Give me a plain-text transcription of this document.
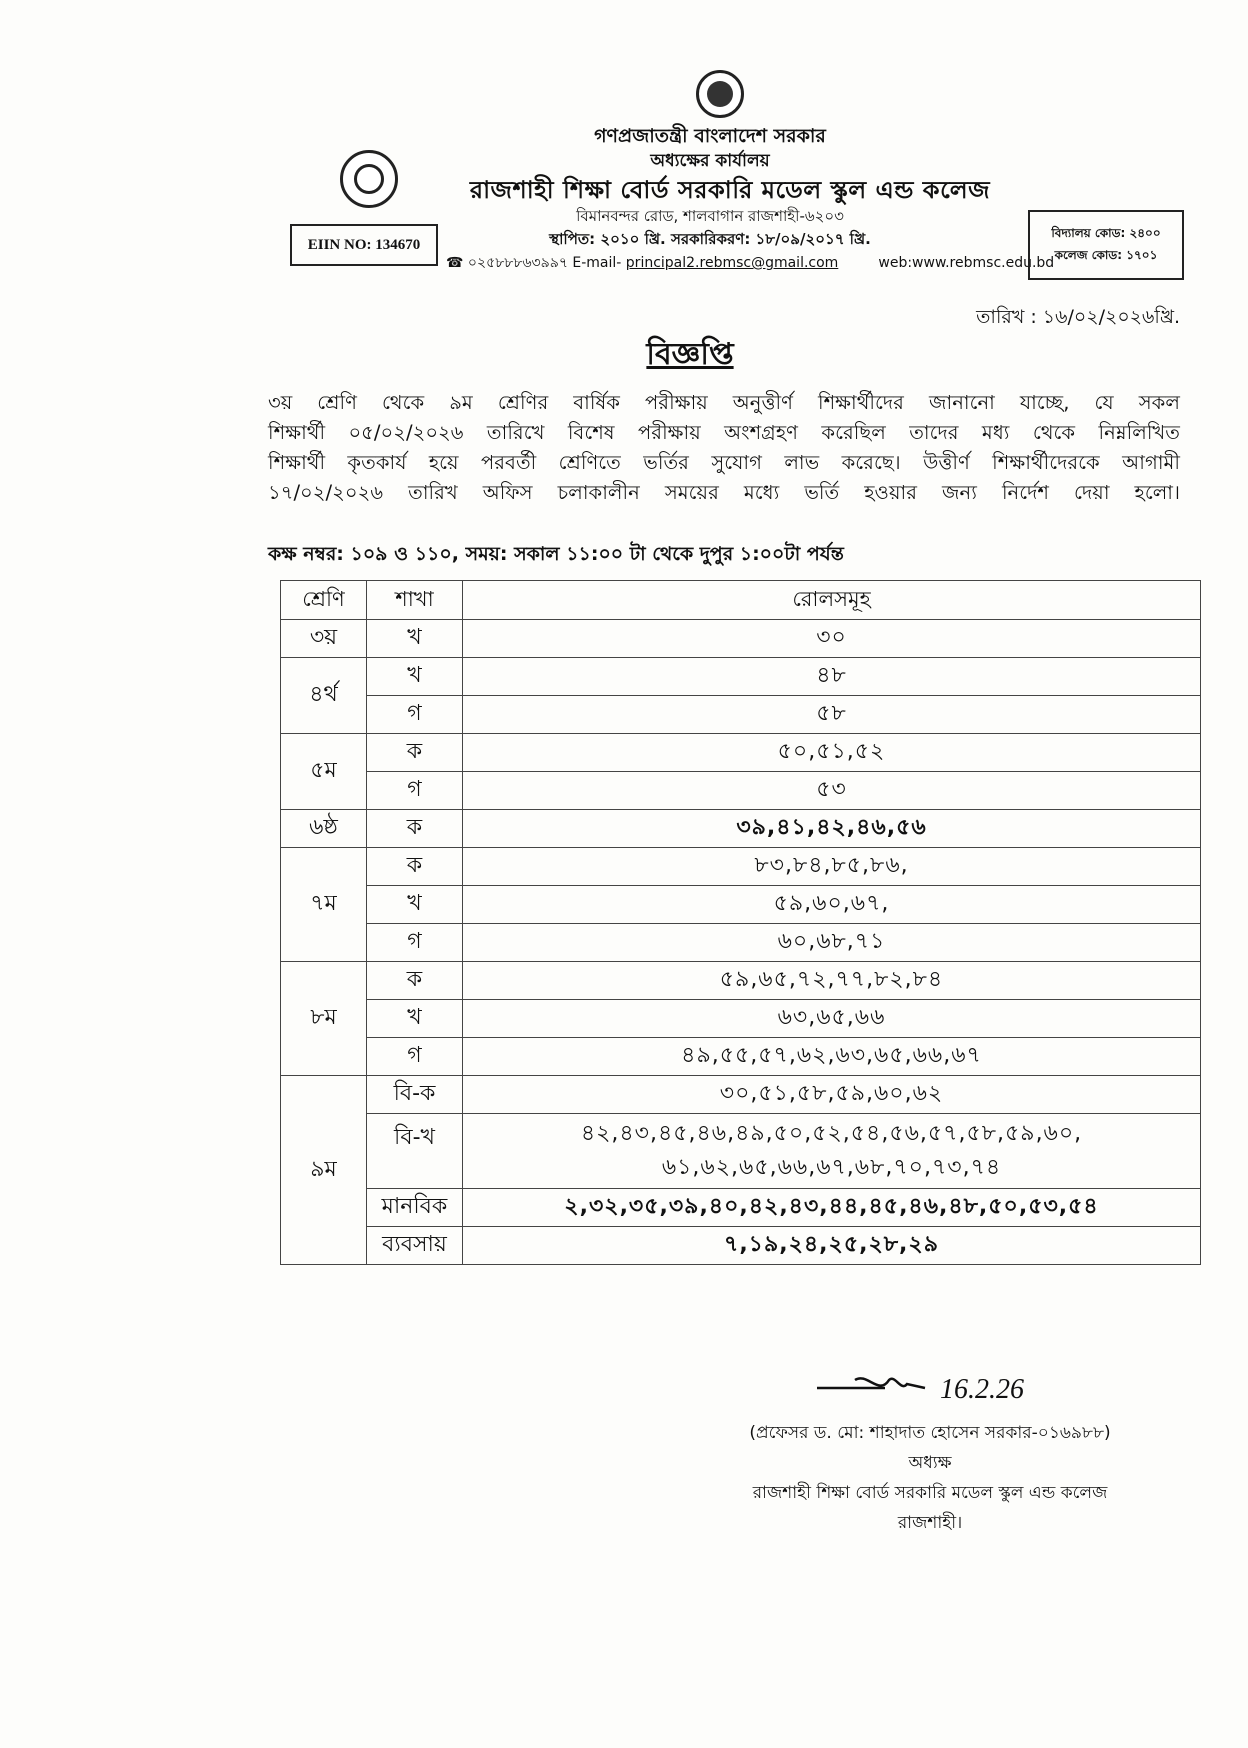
গণপ্রজাতন্ত্রী বাংলাদেশ সরকার
অধ্যক্ষের কার্যালয়
রাজশাহী শিক্ষা বোর্ড সরকারি মডেল স্কুল এন্ড কলেজ
বিমানবন্দর রোড, শালবাগান রাজশাহী-৬২০৩
স্থাপিত: ২০১০ খ্রি. সরকারিকরণ: ১৮/০৯/২০১৭ খ্রি.
☎ ০২৫৮৮৮৬৩৯৯৭ E-mail- principal2.rebmsc@gmail.com	web:www.rebmsc.edu.bd
EIIN NO: 134670
বিদ্যালয় কোড: ২৪০০
কলেজ কোড: ১৭০১
তারিখ : ১৬/০২/২০২৬খ্রি.
বিজ্ঞপ্তি
৩য় শ্রেণি থেকে ৯ম শ্রেণির বার্ষিক পরীক্ষায় অনুত্তীর্ণ শিক্ষার্থীদের জানানো যাচ্ছে, যে সকল
শিক্ষার্থী ০৫/০২/২০২৬ তারিখে বিশেষ পরীক্ষায় অংশগ্রহণ করেছিল তাদের মধ্য থেকে নিম্নলিখিত
শিক্ষার্থী কৃতকার্য হয়ে পরবর্তী শ্রেণিতে ভর্তির সুযোগ লাভ করেছে। উত্তীর্ণ শিক্ষার্থীদেরকে আগামী
১৭/০২/২০২৬ তারিখ অফিস চলাকালীন সময়ের মধ্যে ভর্তি হওয়ার জন্য নির্দেশ দেয়া হলো।
কক্ষ নম্বর: ১০৯ ও ১১০, সময়: সকাল ১১:০০ টা থেকে দুপুর ১:০০টা পর্যন্ত
শ্রেণি	শাখা	রোলসমূহ
৩য়	খ	৩০
৪র্থ	খ	৪৮
	গ	৫৮
৫ম	ক	৫০,৫১,৫২
	গ	৫৩
৬ষ্ঠ	ক	৩৯,৪১,৪২,৪৬,৫৬
৭ম	ক	৮৩,৮৪,৮৫,৮৬,
	খ	৫৯,৬০,৬৭,
	গ	৬০,৬৮,৭১
৮ম	ক	৫৯,৬৫,৭২,৭৭,৮২,৮৪
	খ	৬৩,৬৫,৬৬
	গ	৪৯,৫৫,৫৭,৬২,৬৩,৬৫,৬৬,৬৭
৯ম	বি-ক	৩০,৫১,৫৮,৫৯,৬০,৬২
	বি-খ	৪২,৪৩,৪৫,৪৬,৪৯,৫০,৫২,৫৪,৫৬,৫৭,৫৮,৫৯,৬০,
৬১,৬২,৬৫,৬৬,৬৭,৬৮,৭০,৭৩,৭৪

	মানবিক	২,৩২,৩৫,৩৯,৪০,৪২,৪৩,৪৪,৪৫,৪৬,৪৮,৫০,৫৩,৫৪
	ব্যবসায়	৭,১৯,২৪,২৫,২৮,২৯
16.2.26
(প্রফেসর ড. মো: শাহাদাত হোসেন সরকার-০১৬৯৮৮)
অধ্যক্ষ
রাজশাহী শিক্ষা বোর্ড সরকারি মডেল স্কুল এন্ড কলেজ
রাজশাহী।
